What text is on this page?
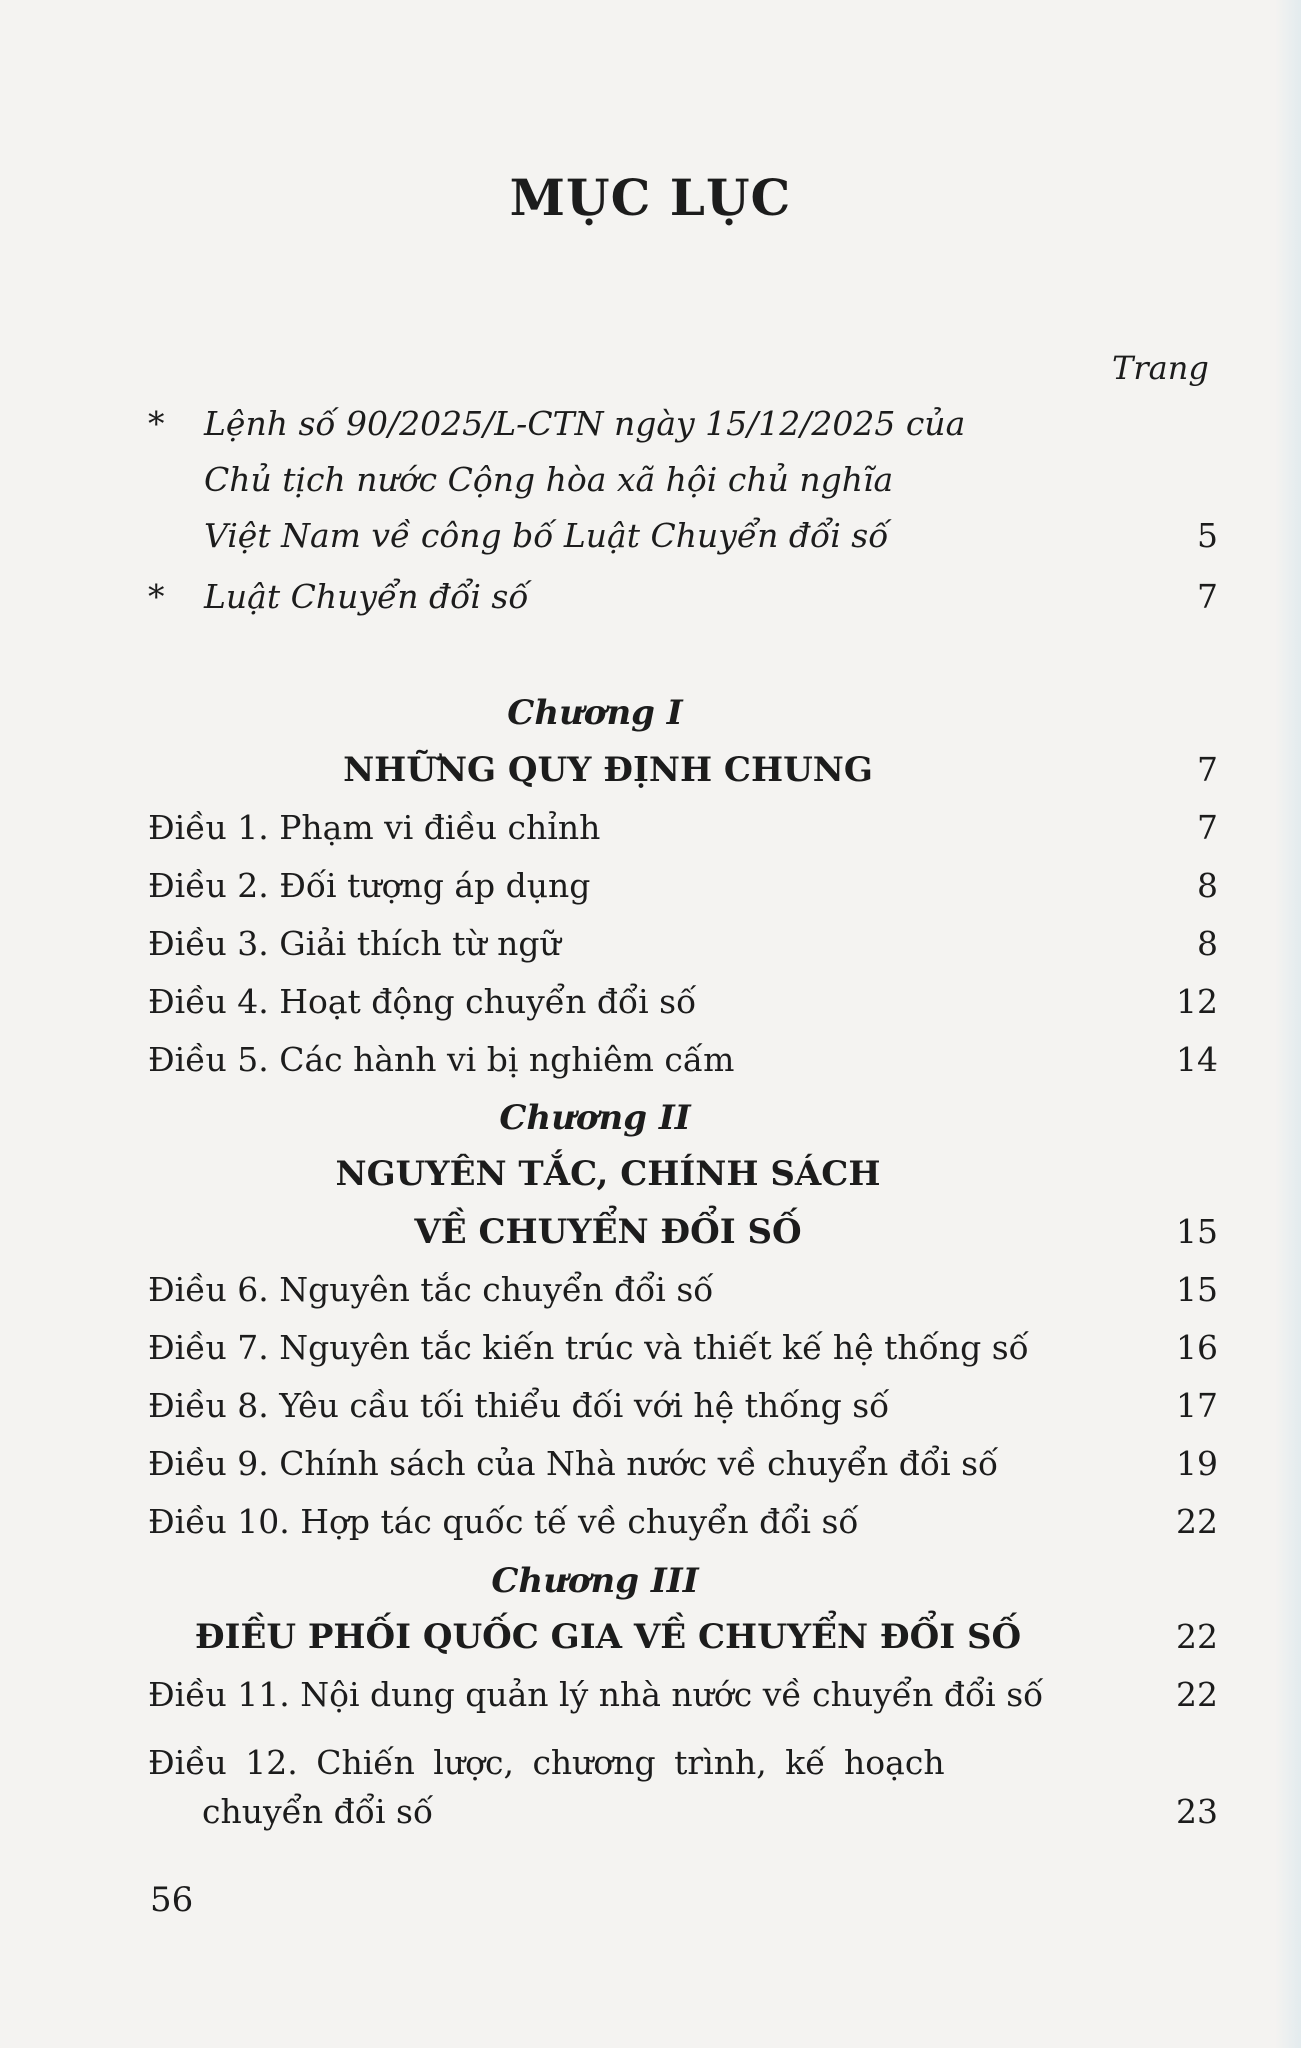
MỤC LỤC
Trang
* Lệnh số 90/2025/L-CTN ngày 15/12/2025 của
Chủ tịch nước Cộng hòa xã hội chủ nghĩa
Việt Nam về công bố Luật Chuyển đổi số	5
* Luật Chuyển đổi số	7
Chương I
NHỮNG QUY ĐỊNH CHUNG	7
Điều 1. Phạm vi điều chỉnh	7
Điều 2. Đối tượng áp dụng	8
Điều 3. Giải thích từ ngữ	8
Điều 4. Hoạt động chuyển đổi số	12
Điều 5. Các hành vi bị nghiêm cấm	14
Chương II
NGUYÊN TẮC, CHÍNH SÁCH
VỀ CHUYỂN ĐỔI SỐ	15
Điều 6. Nguyên tắc chuyển đổi số	15
Điều 7. Nguyên tắc kiến trúc và thiết kế hệ thống số	16
Điều 8. Yêu cầu tối thiểu đối với hệ thống số	17
Điều 9. Chính sách của Nhà nước về chuyển đổi số	19
Điều 10. Hợp tác quốc tế về chuyển đổi số	22
Chương III
ĐIỀU PHỐI QUỐC GIA VỀ CHUYỂN ĐỔI SỐ	22
Điều 11. Nội dung quản lý nhà nước về chuyển đổi số	22
Điều 12. Chiến lược, chương trình, kế hoạch
chuyển đổi số	23
56
